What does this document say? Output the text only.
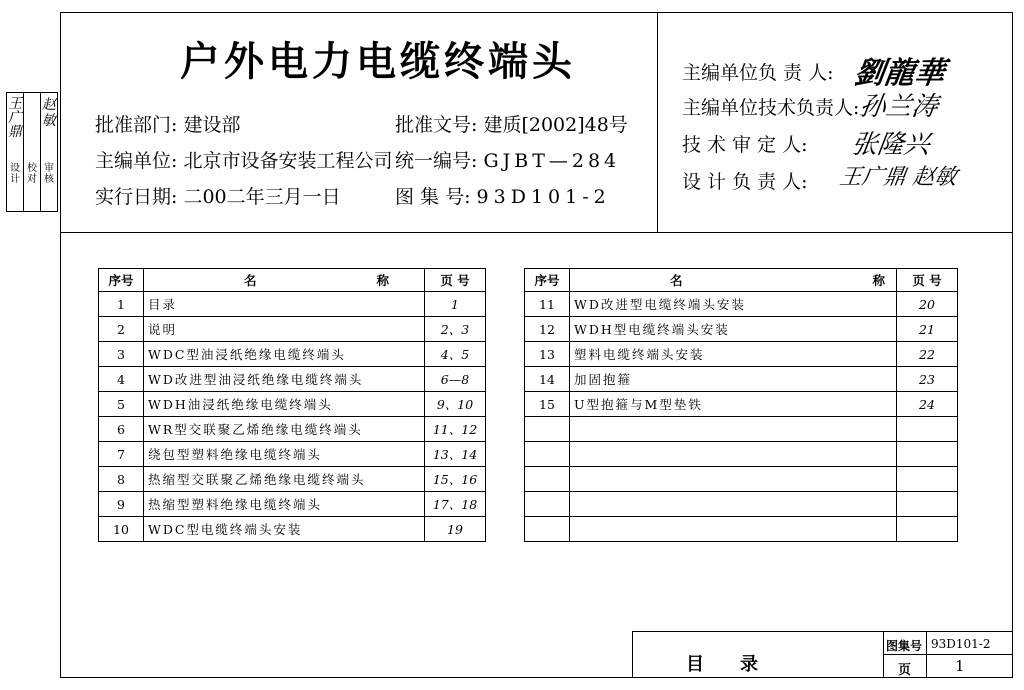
设计
校对
审核
王广鼎
赵敏
户外电力电缆终端头
批准部门: 建设部
主编单位: 北京市设备安装工程公司
实行日期: 二00二年三月一日
批准文号: 建质[2002]48号
统一编号: GJBT—284
图 集 号: 93D101-2
主编单位负 责 人: 劉龍華
主编单位技术负责人:
孙兰涛
技 术 审 定 人: 张隆兴
设 计 负 责 人: 王广鼎 赵敏
序号	名 称	页 号
1	目录	1
2	说明	2、3
3	WDC型油浸纸绝缘电缆终端头	4、5
4	WD改进型油浸纸绝缘电缆终端头	6—8
5	WDH油浸纸绝缘电缆终端头	9、10
6	WR型交联聚乙烯绝缘电缆终端头	11、12
7	绕包型塑料绝缘电缆终端头	13、14
8	热缩型交联聚乙烯绝缘电缆终端头	15、16
9	热缩型塑料绝缘电缆终端头	17、18
10	WDC型电缆终端头安装	19
序号	名 称	页 号
11	WD改进型电缆终端头安装	20
12	WDH型电缆终端头安装	21
13	塑料电缆终端头安装	22
14	加固抱箍	23
15	U型抱箍与M型垫铁	24

目　　录
图集号 93D101-2
页	1
